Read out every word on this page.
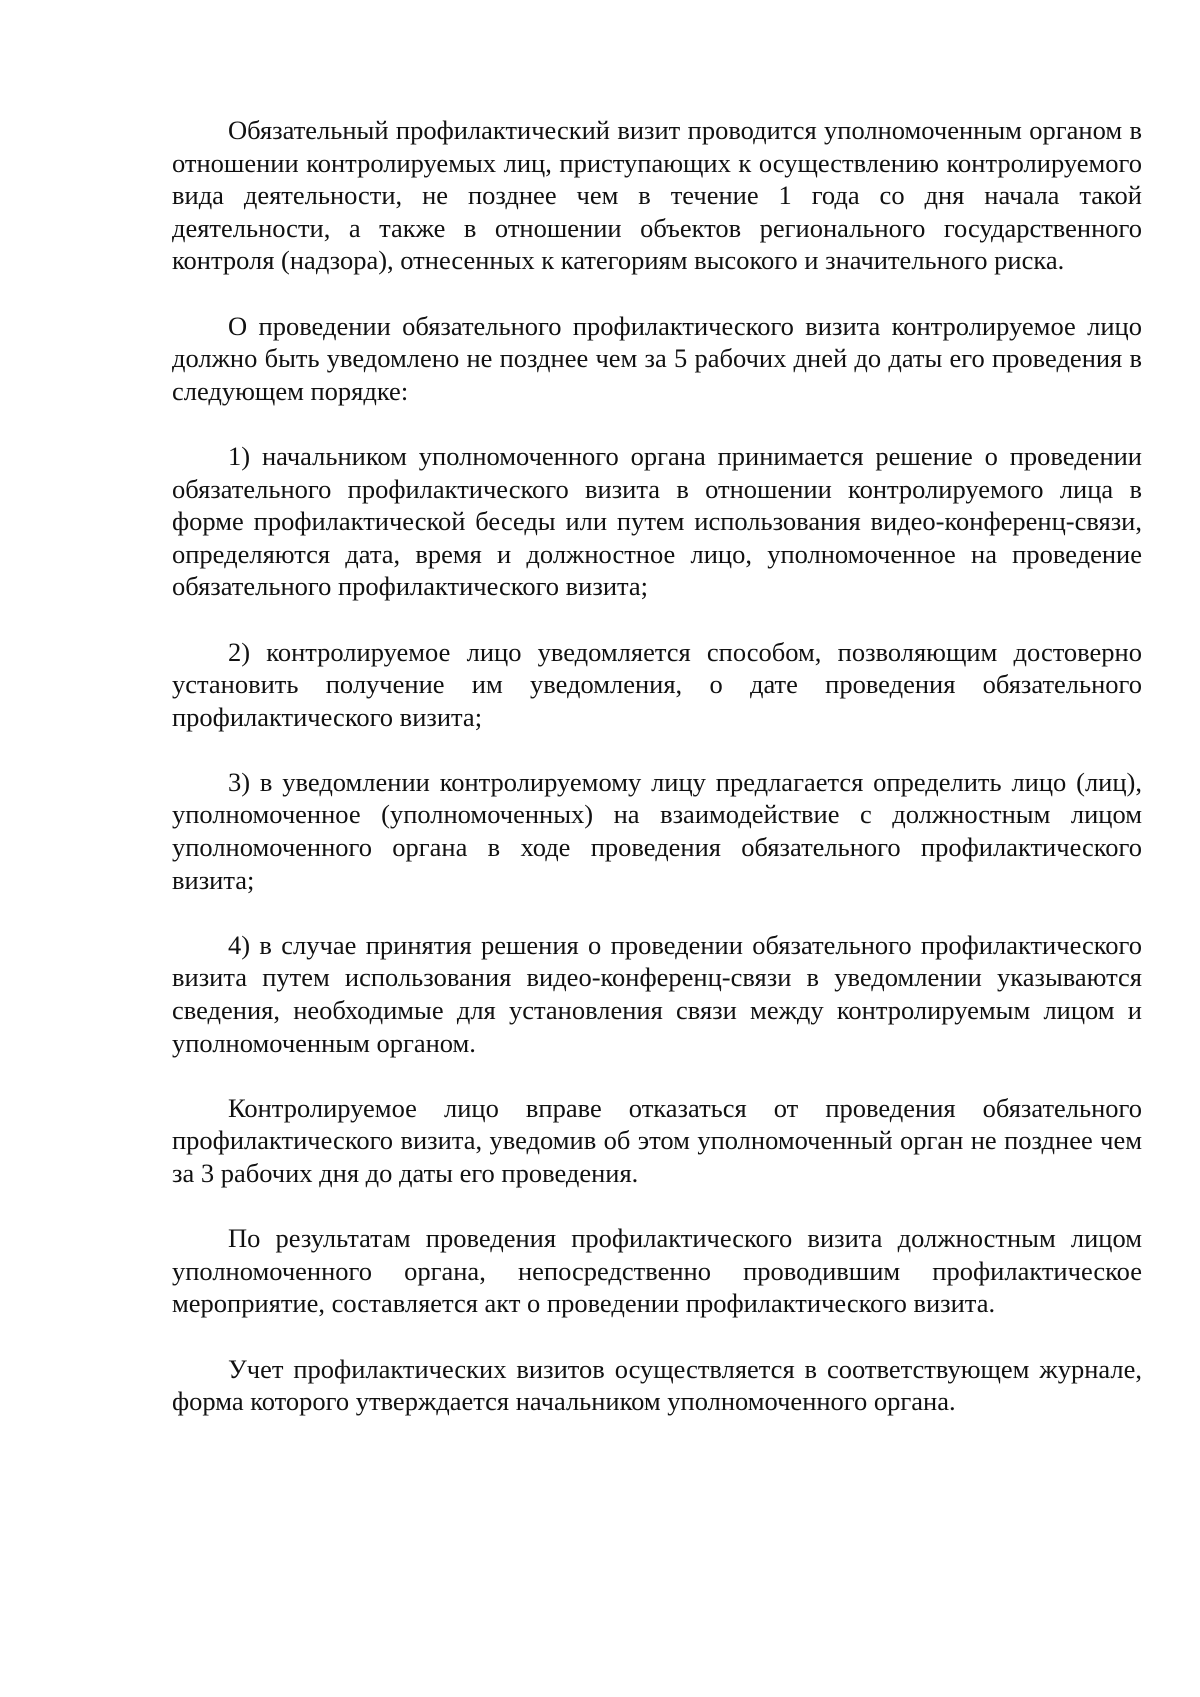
Обязательный профилактический визит проводится уполномоченным органом в отношении контролируемых лиц, приступающих к осуществлению контролируемого вида деятельности, не позднее чем в течение 1 года со дня начала такой деятельности, а также в отношении объектов регионального государственного контроля (надзора), отнесенных к категориям высокого и значительного риска.

О проведении обязательного профилактического визита контролируемое лицо должно быть уведомлено не позднее чем за 5 рабочих дней до даты его проведения в следующем порядке:

1) начальником уполномоченного органа принимается решение о проведении обязательного профилактического визита в отношении контролируемого лица в форме профилактической беседы или путем использования видео-конференц-связи, определяются дата, время и должностное лицо, уполномоченное на проведение обязательного профилактического визита;

2) контролируемое лицо уведомляется способом, позволяющим достоверно установить получение им уведомления, о дате проведения обязательного профилактического визита;

3) в уведомлении контролируемому лицу предлагается определить лицо (лиц), уполномоченное (уполномоченных) на взаимодействие с должностным лицом уполномоченного органа в ходе проведения обязательного профилактического визита;

4) в случае принятия решения о проведении обязательного профилактического визита путем использования видео-конференц-связи в уведомлении указываются сведения, необходимые для установления связи между контролируемым лицом и уполномоченным органом.

Контролируемое лицо вправе отказаться от проведения обязательного профилактического визита, уведомив об этом уполномоченный орган не позднее чем за 3 рабочих дня до даты его проведения.

По результатам проведения профилактического визита должностным лицом уполномоченного органа, непосредственно проводившим профилактическое мероприятие, составляется акт о проведении профилактического визита.

Учет профилактических визитов осуществляется в соответствующем журнале, форма которого утверждается начальником уполномоченного органа.
